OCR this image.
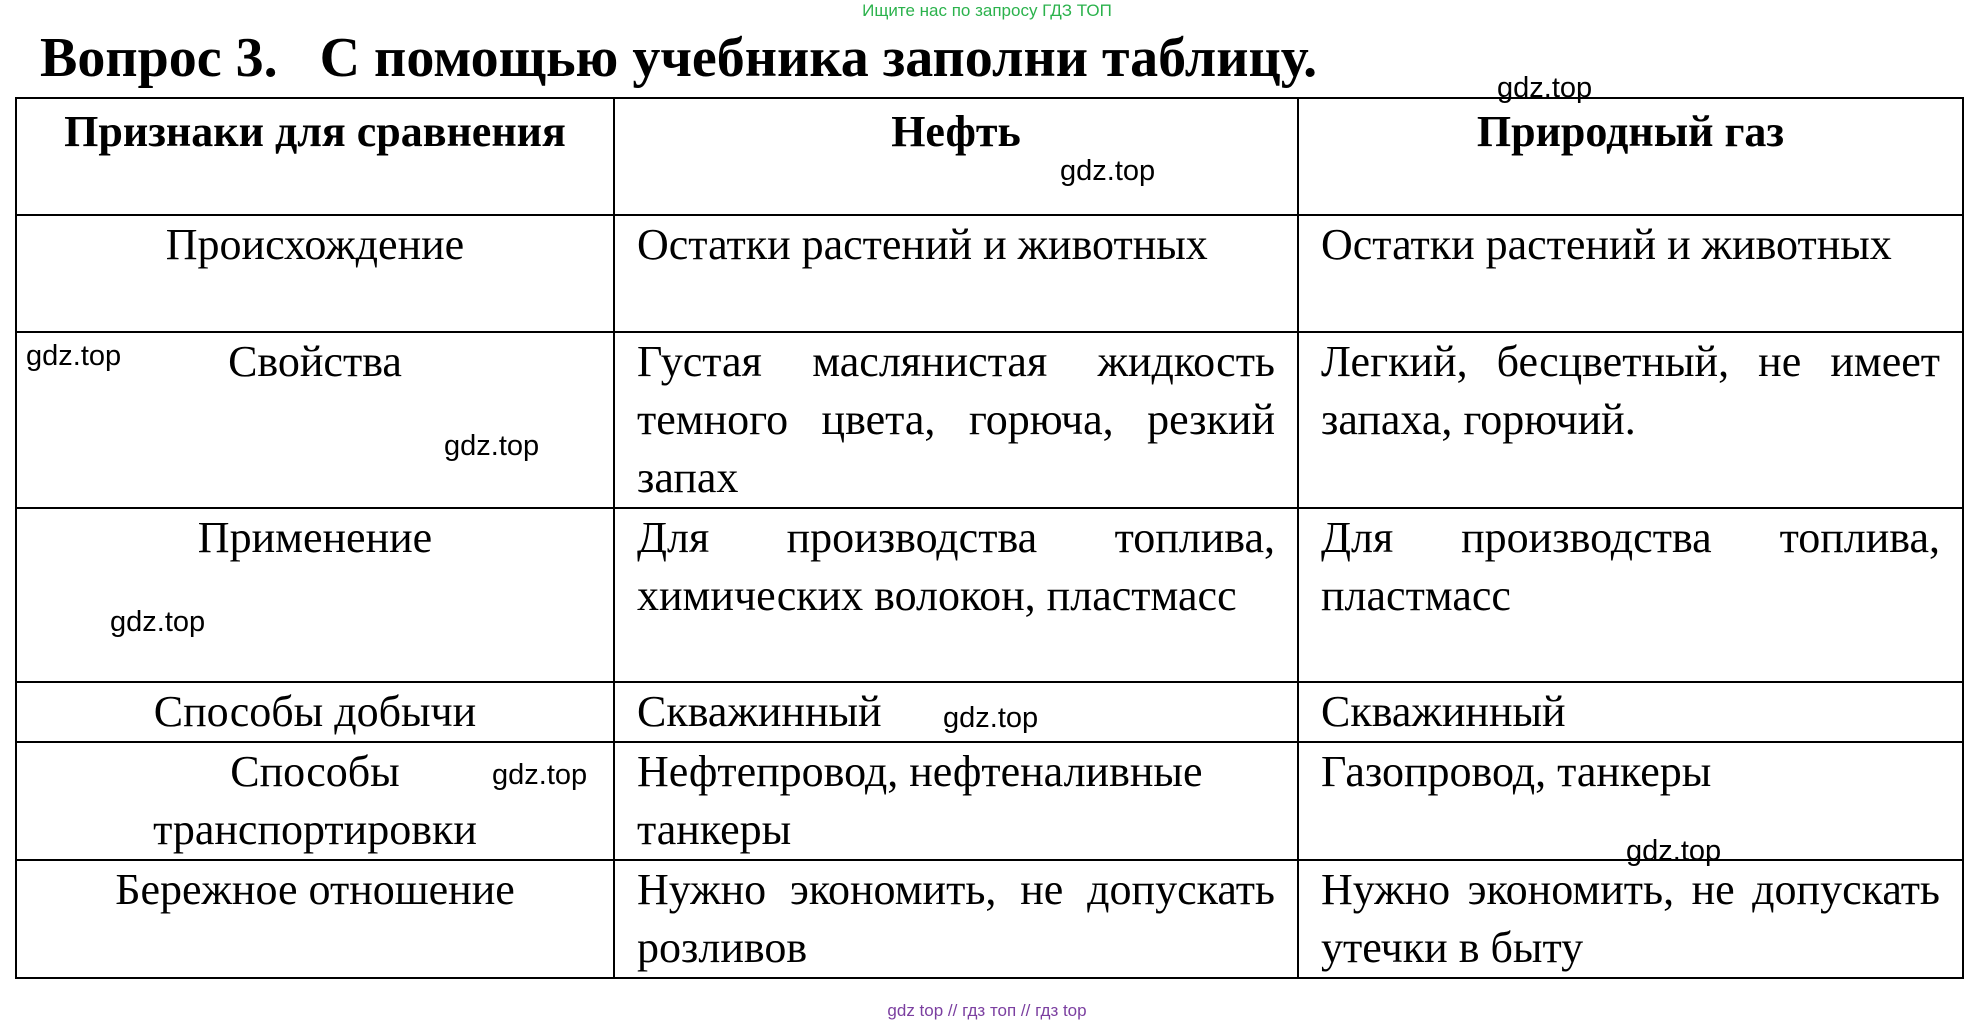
Ищите нас по запросу ГДЗ ТОП
Вопрос 3.   С помощью учебника заполни таблицу.
Признаки для сравнения	Нефть	Природный газ
Происхождение	Остатки растений и животных	Остатки растений и животных
Свойства	Густая маслянистая жидкость темного цвета, горюча, резкий запах	Легкий, бесцветный, не имеет запаха, горючий.
Применение	Для производства топлива, химических волокон, пластмасс	Для производства топлива, пластмасс
Способы добычи	Скважинный	Скважинный
Способы транспортировки	Нефтепровод, нефтеналивные танкеры	Газопровод, танкеры
Бережное отношение	Нужно экономить, не допускать розливов	Нужно экономить, не допускать утечки в быту
gdz.top
gdz.top
gdz.top
gdz.top
gdz.top
gdz.top
gdz.top
gdz.top
gdz top // гдз топ // гдз top
